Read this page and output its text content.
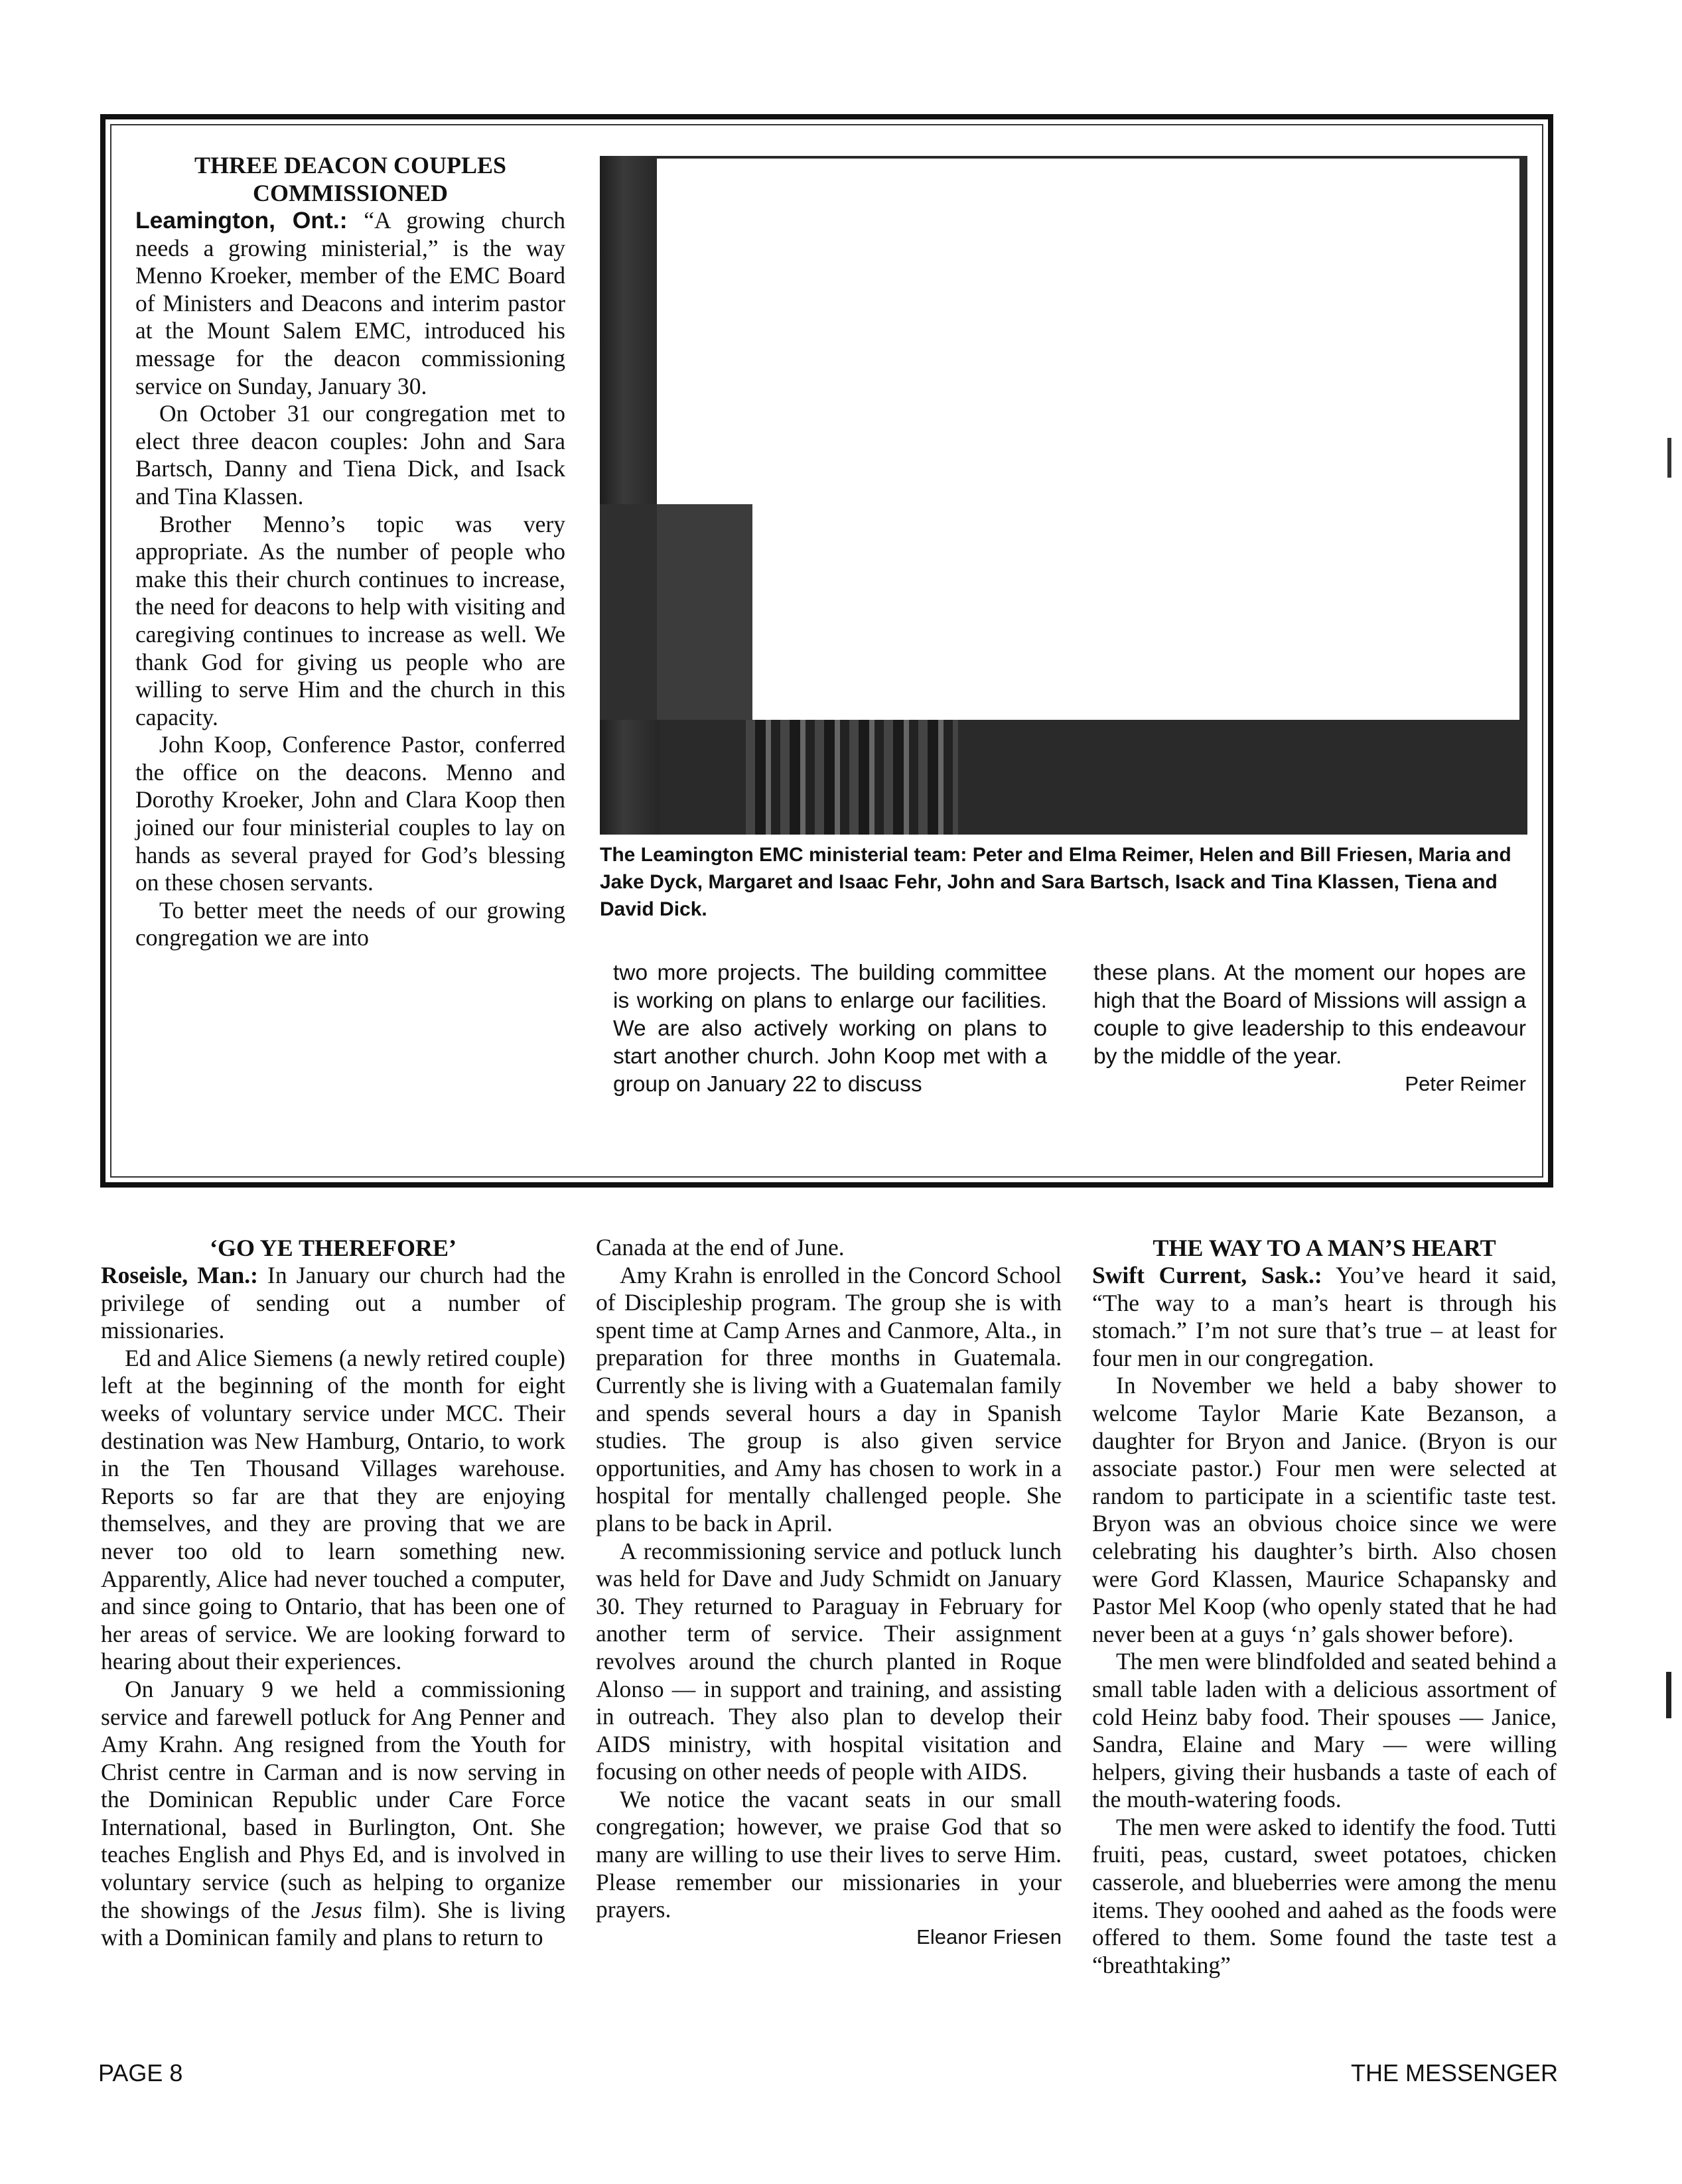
THREE DEACON COUPLES

COMMISSIONED

Leamington, Ont.: “A growing church needs a growing ministerial,” is the way Menno Kroeker, member of the EMC Board of Ministers and Deacons and interim pastor at the Mount Salem EMC, introduced his message for the deacon commissioning service on Sunday, January 30.

On October 31 our congregation met to elect three deacon couples: John and Sara Bartsch, Danny and Tiena Dick, and Isack and Tina Klassen.

Brother Menno’s topic was very appropriate. As the number of people who make this their church continues to increase, the need for deacons to help with visiting and caregiving continues to increase as well. We thank God for giving us people who are willing to serve Him and the church in this capacity.

John Koop, Conference Pastor, conferred the office on the deacons. Menno and Dorothy Kroeker, John and Clara Koop then joined our four ministerial couples to lay on hands as several prayed for God’s blessing on these chosen servants.

To better meet the needs of our growing congregation we are into

The Leamington EMC ministerial team: Peter and Elma Reimer, Helen and Bill Friesen, Maria and Jake Dyck, Margaret and Isaac Fehr, John and Sara Bartsch, Isack and Tina Klassen, Tiena and David Dick.

two more projects. The building committee is working on plans to enlarge our facilities. We are also actively working on plans to start another church. John Koop met with a group on January 22 to discuss

these plans. At the moment our hopes are high that the Board of Missions will assign a couple to give leadership to this endeavour by the middle of the year.

Peter Reimer

‘GO YE THEREFORE’

Roseisle, Man.: In January our church had the privilege of sending out a number of missionaries.

Ed and Alice Siemens (a newly retired couple) left at the beginning of the month for eight weeks of voluntary service under MCC. Their destination was New Hamburg, Ontario, to work in the Ten Thousand Villages warehouse. Reports so far are that they are enjoying themselves, and they are proving that we are never too old to learn something new. Apparently, Alice had never touched a computer, and since going to Ontario, that has been one of her areas of service. We are looking forward to hearing about their experiences.

On January 9 we held a commissioning service and farewell potluck for Ang Penner and Amy Krahn. Ang resigned from the Youth for Christ centre in Carman and is now serving in the Dominican Republic under Care Force International, based in Burlington, Ont. She teaches English and Phys Ed, and is involved in voluntary service (such as helping to organize the showings of the Jesus film). She is living with a Dominican family and plans to return to

Canada at the end of June.

Amy Krahn is enrolled in the Concord School of Discipleship program. The group she is with spent time at Camp Arnes and Canmore, Alta., in preparation for three months in Guatemala. Currently she is living with a Guatemalan family and spends several hours a day in Spanish studies. The group is also given service opportunities, and Amy has chosen to work in a hospital for mentally challenged people. She plans to be back in April.

A recommissioning service and potluck lunch was held for Dave and Judy Schmidt on January 30. They returned to Paraguay in February for another term of service. Their assignment revolves around the church planted in Roque Alonso — in support and training, and assisting in outreach. They also plan to develop their AIDS ministry, with hospital visitation and focusing on other needs of people with AIDS.

We notice the vacant seats in our small congregation; however, we praise God that so many are willing to use their lives to serve Him. Please remember our missionaries in your prayers.

Eleanor Friesen

THE WAY TO A MAN’S HEART

Swift Current, Sask.: You’ve heard it said, “The way to a man’s heart is through his stomach.” I’m not sure that’s true – at least for four men in our congregation.

In November we held a baby shower to welcome Taylor Marie Kate Bezanson, a daughter for Bryon and Janice. (Bryon is our associate pastor.) Four men were selected at random to participate in a scientific taste test. Bryon was an obvious choice since we were celebrating his daughter’s birth. Also chosen were Gord Klassen, Maurice Schapansky and Pastor Mel Koop (who openly stated that he had never been at a guys ‘n’ gals shower before).

The men were blindfolded and seated behind a small table laden with a delicious assortment of cold Heinz baby food. Their spouses — Janice, Sandra, Elaine and Mary — were willing helpers, giving their husbands a taste of each of the mouth-watering foods.

The men were asked to identify the food. Tutti fruiti, peas, custard, sweet potatoes, chicken casserole, and blueberries were among the menu items. They ooohed and aahed as the foods were offered to them. Some found the taste test a “breathtaking”

PAGE 8	THE MESSENGER
